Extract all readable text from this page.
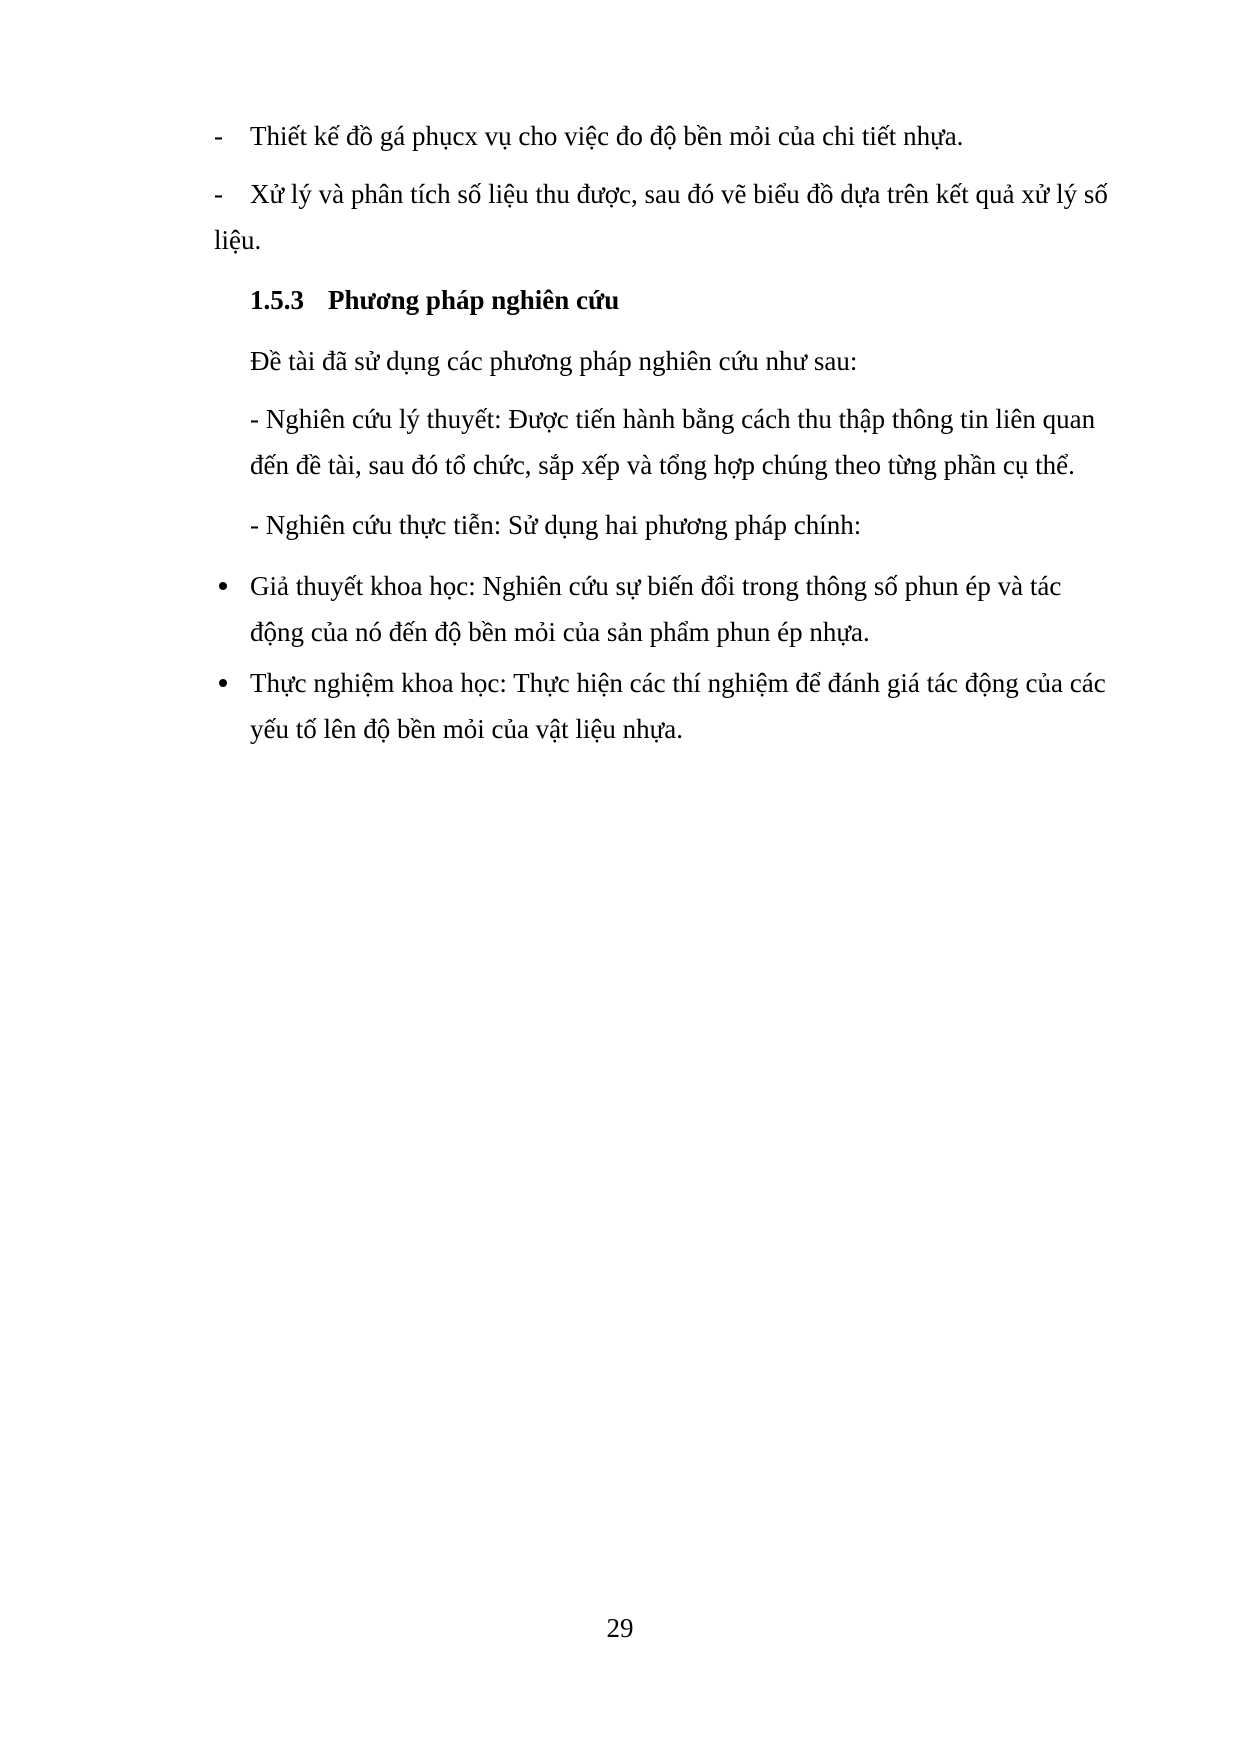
-	Thiết kế đồ gá phụcx vụ cho việc đo độ bền mỏi của chi tiết nhựa.
-	Xử lý và phân tích số liệu thu được, sau đó vẽ biểu đồ dựa trên kết quả xử lý số
liệu.
1.5.3 Phương pháp nghiên cứu
Đề tài đã sử dụng các phương pháp nghiên cứu như sau:
- Nghiên cứu lý thuyết: Được tiến hành bằng cách thu thập thông tin liên quan đến đề tài, sau đó tổ chức, sắp xếp và tổng hợp chúng theo từng phần cụ thể.
- Nghiên cứu thực tiễn: Sử dụng hai phương pháp chính:
Giả thuyết khoa học: Nghiên cứu sự biến đổi trong thông số phun ép và tác động của nó đến độ bền mỏi của sản phẩm phun ép nhựa.
Thực nghiệm khoa học: Thực hiện các thí nghiệm để đánh giá tác động của các yếu tố lên độ bền mỏi của vật liệu nhựa.
29
